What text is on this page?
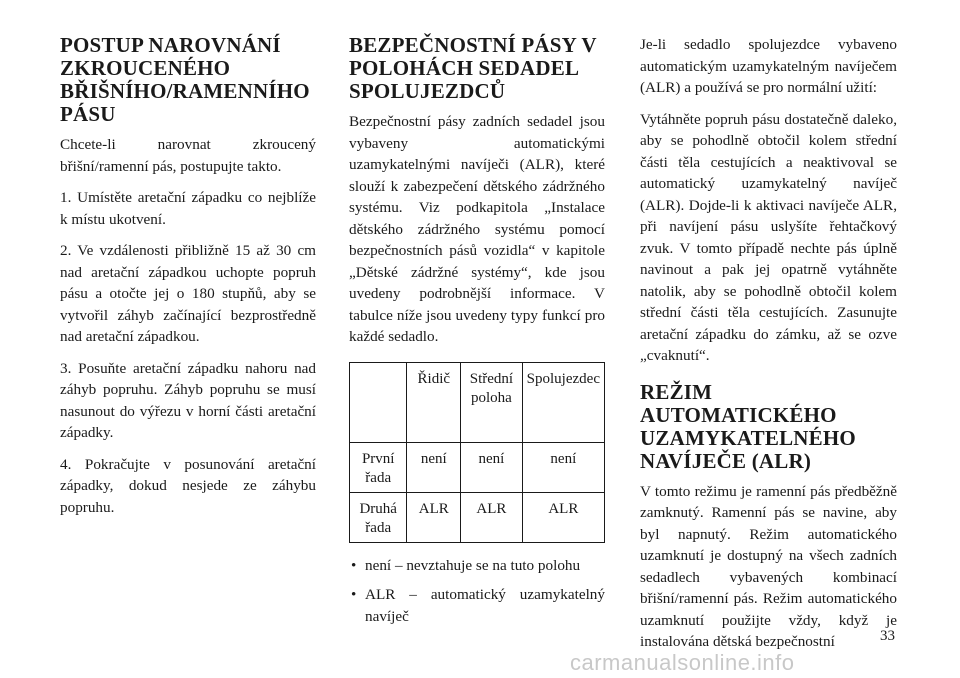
POSTUP NAROVNÁNÍ ZKROUCENÉHO BŘIŠNÍHO/RAMENNÍHO PÁSU

Chcete-li narovnat zkroucený břišní/ramenní pás, postupujte takto.

1. Umístěte aretační západku co nejblíže k místu ukotvení.

2. Ve vzdálenosti přibližně 15 až 30 cm nad aretační západkou uchopte popruh pásu a otočte jej o 180 stupňů, aby se vytvořil záhyb začínající bezprostředně nad aretační západkou.

3. Posuňte aretační západku nahoru nad záhyb popruhu. Záhyb popruhu se musí nasunout do výřezu v horní části aretační západky.

4. Pokračujte v posunování aretační západky, dokud nesjede ze záhybu popruhu.

BEZPEČNOSTNÍ PÁSY V POLOHÁCH SEDADEL SPOLUJEZDCŮ

Bezpečnostní pásy zadních sedadel jsou vybaveny automatickými uzamykatelnými navíječi (ALR), které slouží k zabezpečení dětského zádržného systému. Viz podkapitola „Instalace dětského zádržného systému pomocí bezpečnostních pásů vozidla“ v kapitole „Dětské zádržné systémy“, kde jsou uvedeny podrobnější informace. V tabulce níže jsou uvedeny typy funkcí pro každé sedadlo.

	Řidič	Střední poloha	Spolujezdec
První řada	není	není	není
Druhá řada	ALR	ALR	ALR
• není – nevztahuje se na tuto polohu
• ALR – automatický uzamykatelný navíječ

Je-li sedadlo spolujezdce vybaveno automatickým uzamykatelným navíječem (ALR) a používá se pro normální užití:

Vytáhněte popruh pásu dostatečně daleko, aby se pohodlně obtočil kolem střední části těla cestujících a neaktivoval se automatický uzamykatelný navíječ (ALR). Dojde-li k aktivaci navíječe ALR, při navíjení pásu uslyšíte řehtačkový zvuk. V tomto případě nechte pás úplně navinout a pak jej opatrně vytáhněte natolik, aby se pohodlně obtočil kolem střední části těla cestujících. Zasunujte aretační západku do zámku, až se ozve „cvaknutí“.

REŽIM AUTOMATICKÉHO UZAMYKATELNÉHO NAVÍJEČE (ALR)

V tomto režimu je ramenní pás předběžně zamknutý. Ramenní pás se navine, aby byl napnutý. Režim automatického uzamknutí je dostupný na všech zadních sedadlech vybavených kombinací břišní/ramenní pás. Režim automatického uzamknutí použijte vždy, když je instalována dětská bezpečnostní	33
carmanualsonline.info
